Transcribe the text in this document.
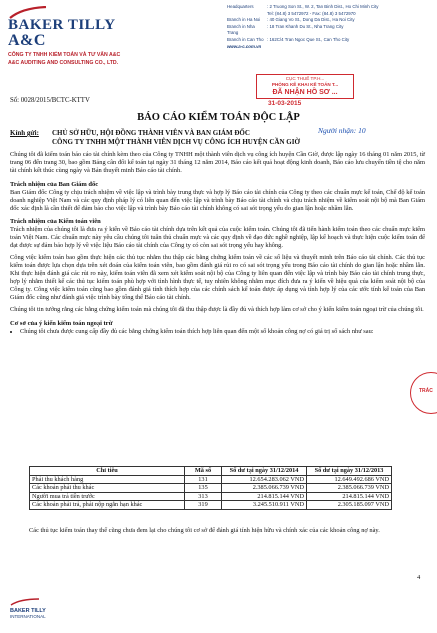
BAKER TILLY
A&C
CÔNG TY TNHH KIỂM TOÁN VÀ TƯ VẤN A&C
A&C AUDITING AND CONSULTING CO., LTD.
Headquarters	: 2 Truong Son St., W. 2, Tan Binh Dist., Ho Chi Minh City
Tel: (84.8) 3 5472972 - Fax: (84.8) 3 5472970
Branch in Ha Noi	: 40 Giang Vo St., Dong Da Dist., Ha Noi City
Branch in Nha Trang
: 18 Tran Khanh Du St., Nha Trang City
Branch in Can Tho : 162C/4 Tran Ngoc Que St., Can Tho City
www.a-c.com.vn
CỤC THUẾ TP.H...
PHÒNG KÊ KHAI KẾ TOÁN T...
ĐÃ NHẬN HỒ SƠ ...
31-03-2015
Số: 0028/2015/BCTC-KTTV
BÁO CÁO KIỂM TOÁN ĐỘC LẬP
Kính gửi:	CHỦ SỞ HỮU, HỘI ĐỒNG THÀNH VIÊN VÀ BAN GIÁM ĐỐC
CÔNG TY TNHH MỘT THÀNH VIÊN DỊCH VỤ CÔNG ÍCH HUYỆN CẦN GIỜ
Người nhận: 10

Chúng tôi đã kiểm toán báo cáo tài chính kèm theo của Công ty TNHH một thành viên dịch vụ công ích huyện Cần Giờ, được lập ngày 16 tháng 01 năm 2015, từ trang 06 đến trang 30, bao gồm Bảng cân đối kế toán tại ngày 31 tháng 12 năm 2014, Báo cáo kết quả hoạt động kinh doanh, Báo cáo lưu chuyển tiền tệ cho năm tài chính kết thúc cùng ngày và Bản thuyết minh Báo cáo tài chính.

Trách nhiệm của Ban Giám đốc

Ban Giám đốc Công ty chịu trách nhiệm về việc lập và trình bày trung thực và hợp lý Báo cáo tài chính của Công ty theo các chuẩn mực kế toán, Chế độ kế toán doanh nghiệp Việt Nam và các quy định pháp lý có liên quan đến việc lập và trình bày Báo cáo tài chính và chịu trách nhiệm về kiểm soát nội bộ mà Ban Giám đốc xác định là cần thiết để đảm bảo cho việc lập và trình bày Báo cáo tài chính không có sai sót trọng yếu do gian lận hoặc nhầm lẫn.

Trách nhiệm của Kiểm toán viên

Trách nhiệm của chúng tôi là đưa ra ý kiến về Báo cáo tài chính dựa trên kết quả của cuộc kiểm toán. Chúng tôi đã tiến hành kiểm toán theo các chuẩn mực kiểm toán Việt Nam. Các chuẩn mực này yêu cầu chúng tôi tuân thủ chuẩn mực và các quy định về đạo đức nghề nghiệp, lập kế hoạch và thực hiện cuộc kiểm toán để đạt được sự đảm bảo hợp lý về việc liệu Báo cáo tài chính của Công ty có còn sai sót trọng yếu hay không.

Công việc kiểm toán bao gồm thực hiện các thủ tục nhằm thu thập các bằng chứng kiểm toán về các số liệu và thuyết minh trên Báo cáo tài chính. Các thủ tục kiểm toán được lựa chọn dựa trên xét đoán của kiểm toán viên, bao gồm đánh giá rủi ro có sai sót trọng yếu trong Báo cáo tài chính do gian lận hoặc nhầm lẫn. Khi thực hiện đánh giá các rủi ro này, kiểm toán viên đã xem xét kiểm soát nội bộ của Công ty liên quan đến việc lập và trình bày Báo cáo tài chính trung thực, hợp lý nhằm thiết kế các thủ tục kiểm toán phù hợp với tình hình thực tế, tuy nhiên không nhằm mục đích đưa ra ý kiến về hiệu quả của kiểm soát nội bộ của Công ty. Công việc kiểm toán cũng bao gồm đánh giá tính thích hợp của các chính sách kế toán được áp dụng và tính hợp lý của các ước tính kế toán của Ban Giám đốc cũng như đánh giá việc trình bày tổng thể Báo cáo tài chính.

Chúng tôi tin tưởng rằng các bằng chứng kiểm toán mà chúng tôi đã thu thập được là đầy đủ và thích hợp làm cơ sở cho ý kiến kiểm toán ngoại trừ của chúng tôi.

Cơ sở của ý kiến kiểm toán ngoại trừ
• Chúng tôi chưa được cung cấp đầy đủ các bằng chứng kiểm toán thích hợp liên quan đến một số khoản công nợ có giá trị số sách như sau:
Chỉ tiêu	Mã số	Số dư tại ngày 31/12/2014	Số dư tại ngày 31/12/2013
Phải thu khách hàng	131	12.654.283.062 VND	12.649.492.686 VND
Các khoản phải thu khác	135	2.385.066.739 VND	2.385.066.739 VND
Người mua trả tiền trước	313	214.815.144 VND	214.815.144 VND
Các khoản phải trả, phải nộp ngắn hạn khác	319	3.245.510.911 VND	2.305.185.097 VND
Các thủ tục kiểm toán thay thế cũng chưa đem lại cho chúng tôi cơ sở để đánh giá tính hiện hữu và chính xác của các khoản công nợ này.
TRÁC
BAKER TILLY
INTERNATIONAL
4
